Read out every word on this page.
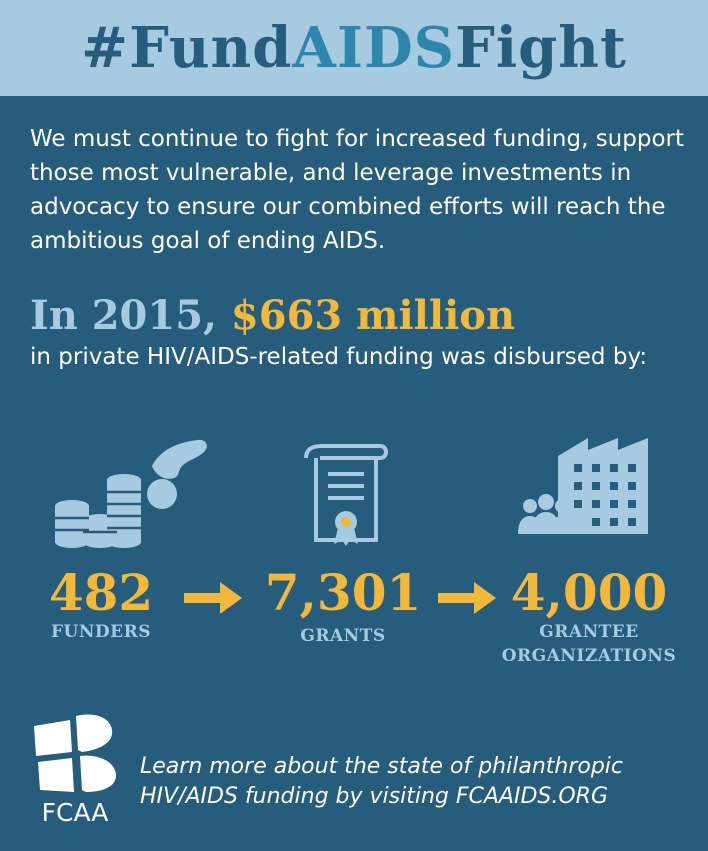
#FundAIDSFight
We must continue to fight for increased funding, support those most vulnerable, and leverage investments in advocacy to ensure our combined efforts will reach the ambitious goal of ending AIDS.
In 2015, $663 million
in private HIV/AIDS-related funding was disbursed by:
482
FUNDERS
7,301
GRANTS
4,000
GRANTEE
ORGANIZATIONS
FCAA
Learn more about the state of philanthropic HIV/AIDS funding by visiting FCAAIDS.ORG
